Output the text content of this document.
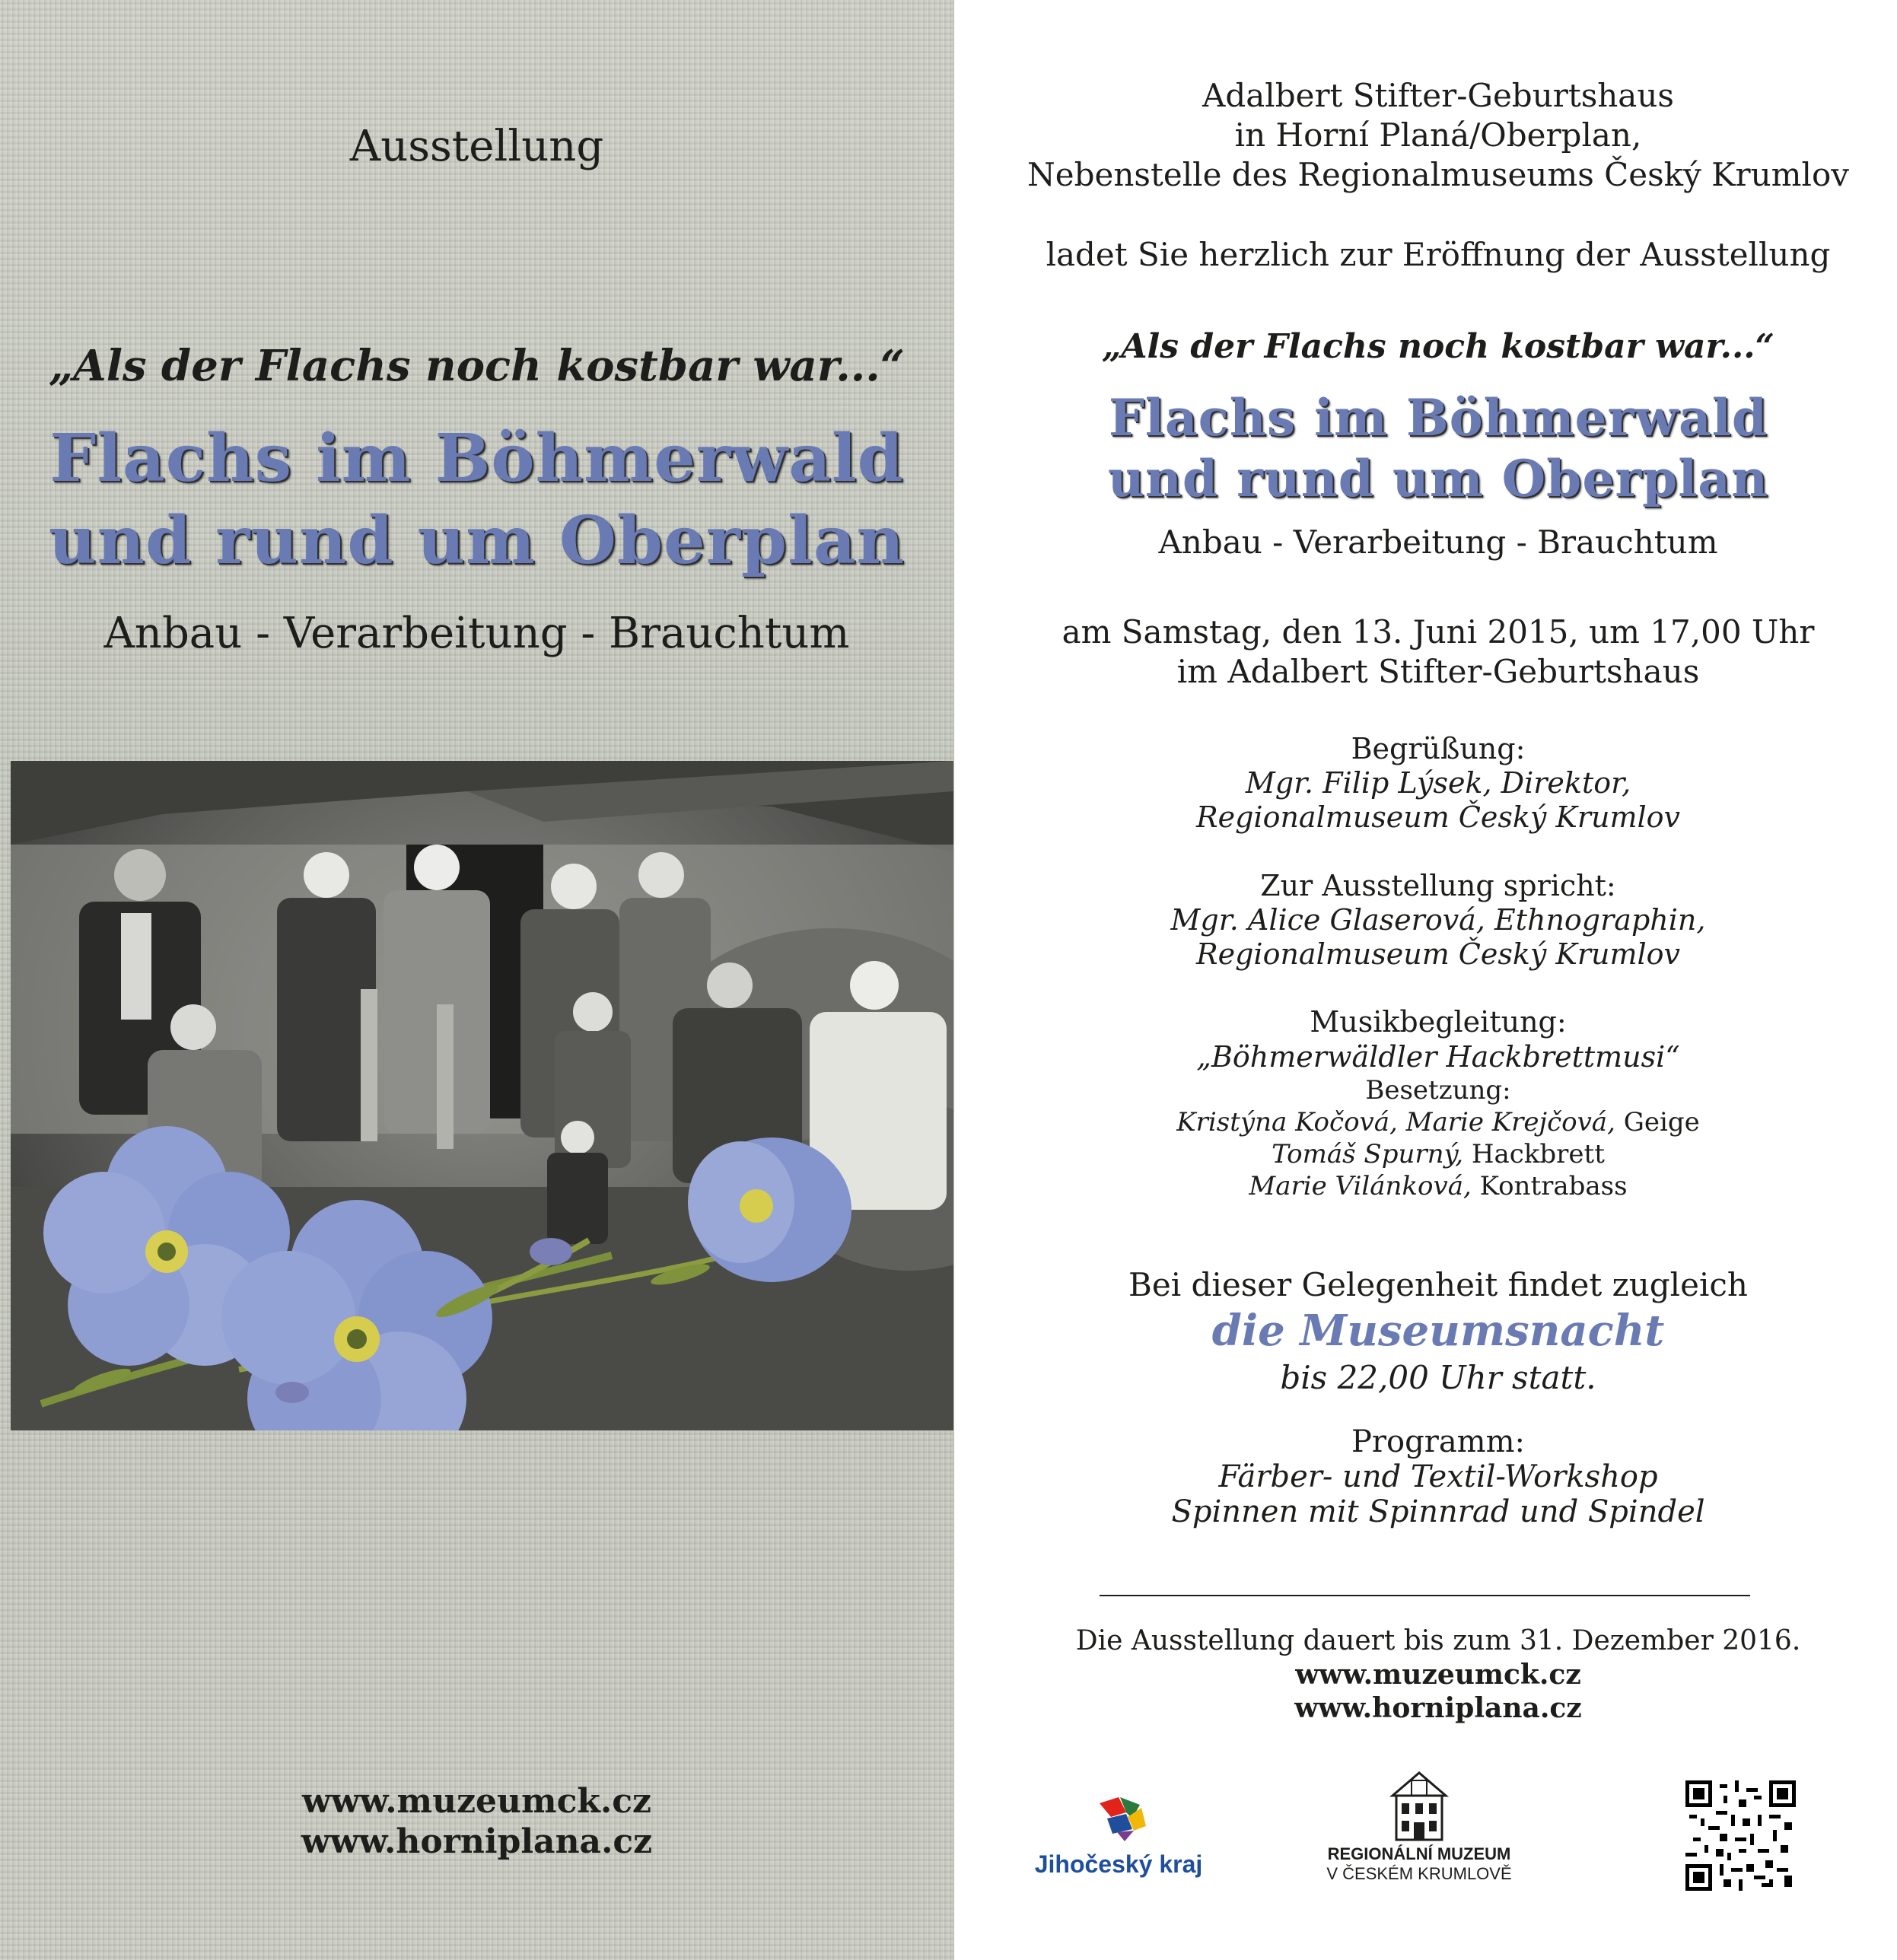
Ausstellung
„Als der Flachs noch kostbar war...“
Flachs im Böhmerwald
und rund um Oberplan
Anbau - Verarbeitung - Brauchtum
www.muzeumck.cz
www.horniplana.cz
Adalbert Stifter-Geburtshaus
in Horní Planá/Oberplan,
Nebenstelle des Regionalmuseums Český Krumlov
ladet Sie herzlich zur Eröffnung der Ausstellung
„Als der Flachs noch kostbar war...“
Flachs im Böhmerwald
und rund um Oberplan
Anbau - Verarbeitung - Brauchtum
am Samstag, den 13. Juni 2015, um 17,00 Uhr
im Adalbert Stifter-Geburtshaus
Begrüßung:
Mgr. Filip Lýsek, Direktor,
Regionalmuseum Český Krumlov
Zur Ausstellung spricht:
Mgr. Alice Glaserová, Ethnographin,
Regionalmuseum Český Krumlov
Musikbegleitung:
„Böhmerwäldler Hackbrettmusi“
Besetzung:
Kristýna Kočová, Marie Krejčová, Geige
Tomáš Spurný, Hackbrett
Marie Vilánková, Kontrabass
Bei dieser Gelegenheit findet zugleich
die Museumsnacht
bis 22,00 Uhr statt.
Programm:
Färber- und Textil-Workshop
Spinnen mit Spinnrad und Spindel
Die Ausstellung dauert bis zum 31. Dezember 2016.
www.muzeumck.cz
www.horniplana.cz
Jihočeský kraj	REGIONÁLNÍ MUZEUM
V ČESKÉM KRUMLOVĚ
